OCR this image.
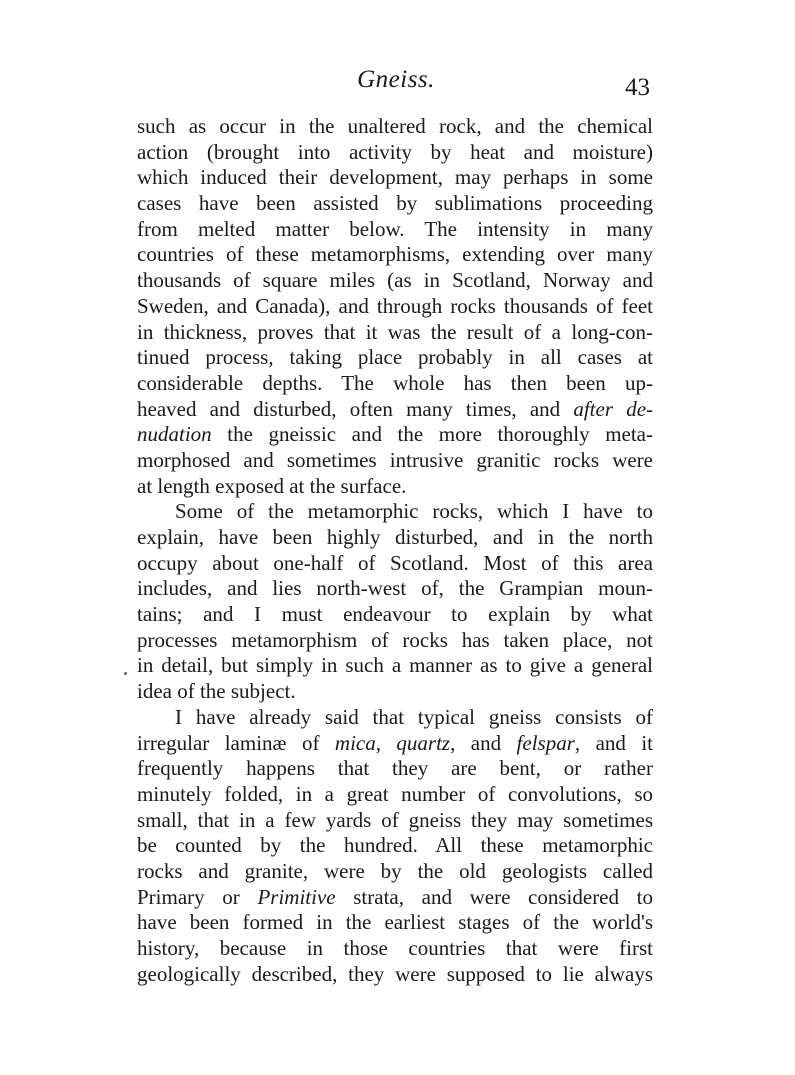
Gneiss.	43
such as occur in the unaltered rock, and the chemical
action (brought into activity by heat and moisture)
which induced their development, may perhaps in some
cases have been assisted by sublimations proceeding
from melted matter below. The intensity in many
countries of these metamorphisms, extending over many
thousands of square miles (as in Scotland, Norway and
Sweden, and Canada), and through rocks thousands of feet
in thickness, proves that it was the result of a long-con-
tinued process, taking place probably in all cases at
considerable depths. The whole has then been up-
heaved and disturbed, often many times, and after de-
nudation the gneissic and the more thoroughly meta-
morphosed and sometimes intrusive granitic rocks were
at length exposed at the surface.
Some of the metamorphic rocks, which I have to
explain, have been highly disturbed, and in the north
occupy about one-half of Scotland. Most of this area
includes, and lies north-west of, the Grampian moun-
tains; and I must endeavour to explain by what
processes metamorphism of rocks has taken place, not
in detail, but simply in such a manner as to give a general
idea of the subject.
I have already said that typical gneiss consists of
irregular laminæ of mica, quartz, and felspar, and it
frequently happens that they are bent, or rather
minutely folded, in a great number of convolutions, so
small, that in a few yards of gneiss they may sometimes
be counted by the hundred. All these metamorphic
rocks and granite, were by the old geologists called
Primary or Primitive strata, and were considered to
have been formed in the earliest stages of the world's
history, because in those countries that were first
geologically described, they were supposed to lie always
